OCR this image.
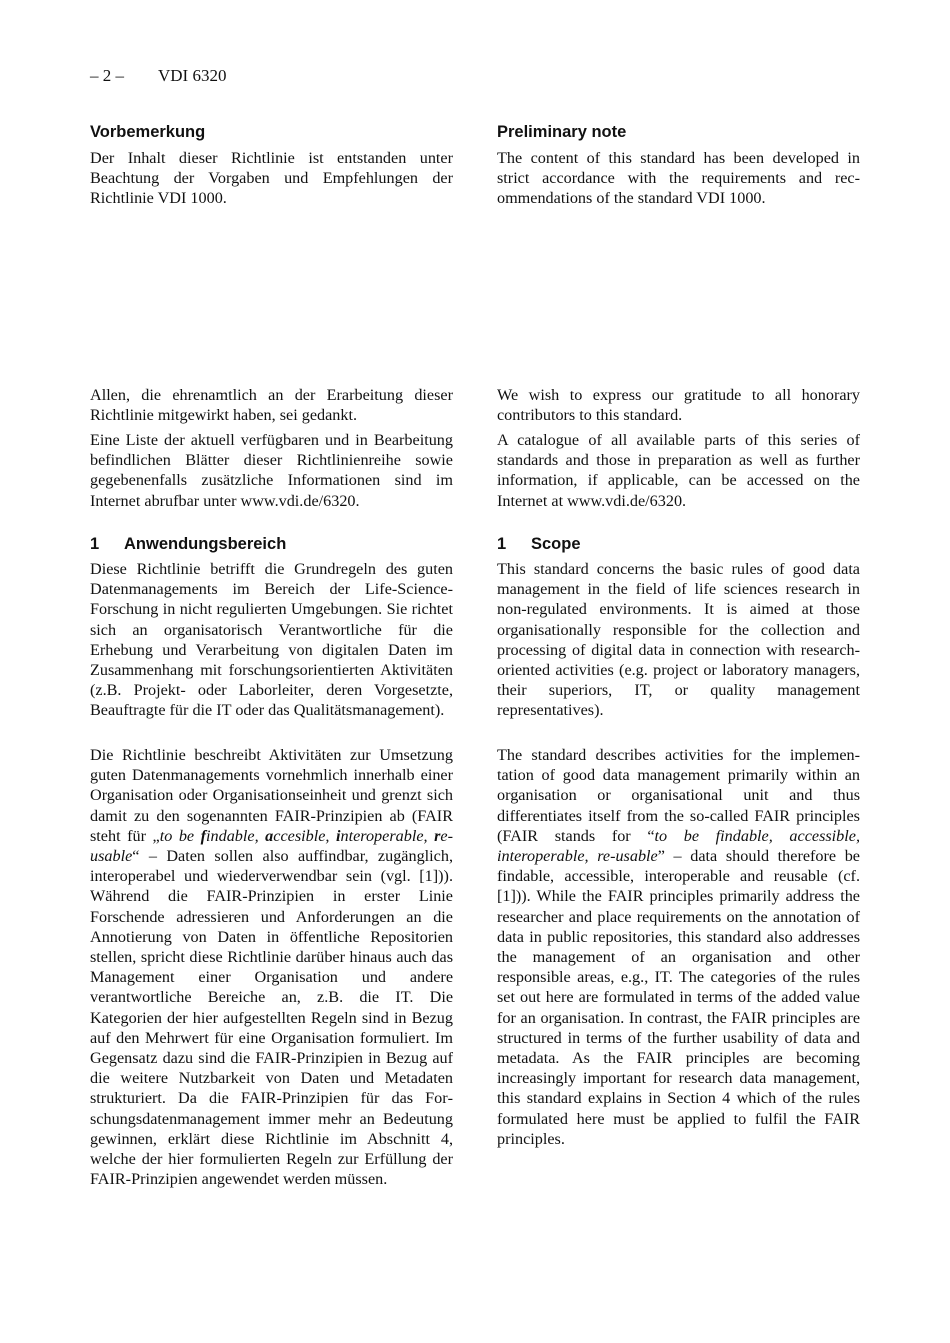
– 2 – VDI 6320
Vorbemerkung

Der Inhalt dieser Richtlinie ist entstanden unter Beachtung der Vorgaben und Empfehlungen der Richtlinie VDI 1000.

Allen, die ehrenamtlich an der Erarbeitung dieser Richtlinie mitgewirkt haben, sei gedankt.

Eine Liste der aktuell verfügbaren und in Bearbeitung befindlichen Blätter dieser Richtlinienreihe sowie gegebenenfalls zusätzliche Informationen sind im Internet abrufbar unter www.vdi.de/6320.

1 Anwendungsbereich

Diese Richtlinie betrifft die Grundregeln des guten Datenmanagements im Bereich der Life-Science-Forschung in nicht regulierten Umgebungen. Sie richtet sich an organisatorisch Verantwortliche für die Erhebung und Verarbeitung von digitalen Daten im Zusammenhang mit forschungsorientierten Aktivitäten (z.B. Projekt- oder Laborleiter, deren Vorgesetzte, Beauftragte für die IT oder das Qualitätsmanagement).

Die Richtlinie beschreibt Aktivitäten zur Umsetzung guten Datenmanagements vornehmlich innerhalb einer Organisation oder Organisationseinheit und grenzt sich damit zu den sogenannten FAIR-Prinzipien ab (FAIR steht für „to be findable, accesible, interoperable, re-usable“ – Daten sollen also auffindbar, zugänglich, interoperabel und wiederverwendbar sein (vgl. [1])). Während die FAIR-Prinzipien in erster Linie Forschende adressieren und Anforderungen an die Annotierung von Daten in öffentliche Repositorien stellen, spricht diese Richtlinie darüber hinaus auch das Management einer Organisation und andere verantwortliche Bereiche an, z.B. die IT. Die Kategorien der hier aufgestellten Regeln sind in Bezug auf den Mehrwert für eine Organisation formuliert. Im Gegensatz dazu sind die FAIR-Prinzipien in Bezug auf die weitere Nutzbarkeit von Daten und Metadaten strukturiert. Da die FAIR-Prinzipien für das Forschungsdatenmanagement immer mehr an Bedeutung gewinnen, erklärt diese Richtlinie im Abschnitt 4, welche der hier formulierten Regeln zur Erfüllung der FAIR-Prinzipien angewendet werden müssen.

Preliminary note

The content of this standard has been developed in strict accordance with the requirements and recommendations of the standard VDI 1000.

We wish to express our gratitude to all honorary contributors to this standard.

A catalogue of all available parts of this series of standards and those in preparation as well as further information, if applicable, can be accessed on the Internet at www.vdi.de/6320.

1 Scope

This standard concerns the basic rules of good data management in the field of life sciences research in non-regulated environments. It is aimed at those organisationally responsible for the collection and processing of digital data in connection with research-oriented activities (e.g. project or laboratory managers, their superiors, IT, or quality management representatives).

The standard describes activities for the implementation of good data management primarily within an organisation or organisational unit and thus differentiates itself from the so-called FAIR principles (FAIR stands for “to be findable, accessible, interoperable, re-usable” – data should therefore be findable, accessible, interoperable and reusable (cf. [1])). While the FAIR principles primarily address the researcher and place requirements on the annotation of data in public repositories, this standard also addresses the management of an organisation and other responsible areas, e.g., IT. The categories of the rules set out here are formulated in terms of the added value for an organisation. In contrast, the FAIR principles are structured in terms of the further usability of data and metadata. As the FAIR principles are becoming increasingly important for research data management, this standard explains in Section 4 which of the rules formulated here must be applied to fulfil the FAIR principles.
